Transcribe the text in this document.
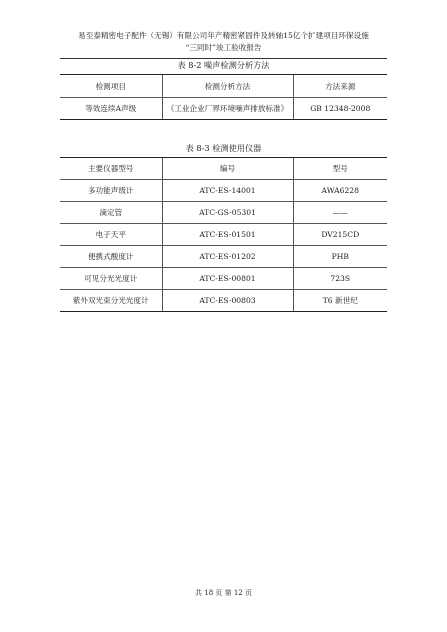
易至泰精密电子配件（无锡）有限公司年产精密紧固件及转轴15亿个扩建项目环保设施
“三同时”竣工验收报告
表 8-2 噪声检测分析方法
检测项目	检测分析方法	方法来源
等效连续A声级	《工业企业厂界环境噪声排放标准》	GB 12348-2008
表 8-3 检测使用仪器
主要仪器型号	编号	型号
多功能声级计	ATC-ES-14001	AWA6228
滴定管	ATC-GS-05301	——
电子天平	ATC-ES-01501	DV215CD
便携式酸度计	ATC-ES-01202	PHB
可见分光光度计	ATC-ES-00801	723S
紫外双光束分光光度计	ATC-ES-00803	T6 新世纪
共 18 页 第 12 页
